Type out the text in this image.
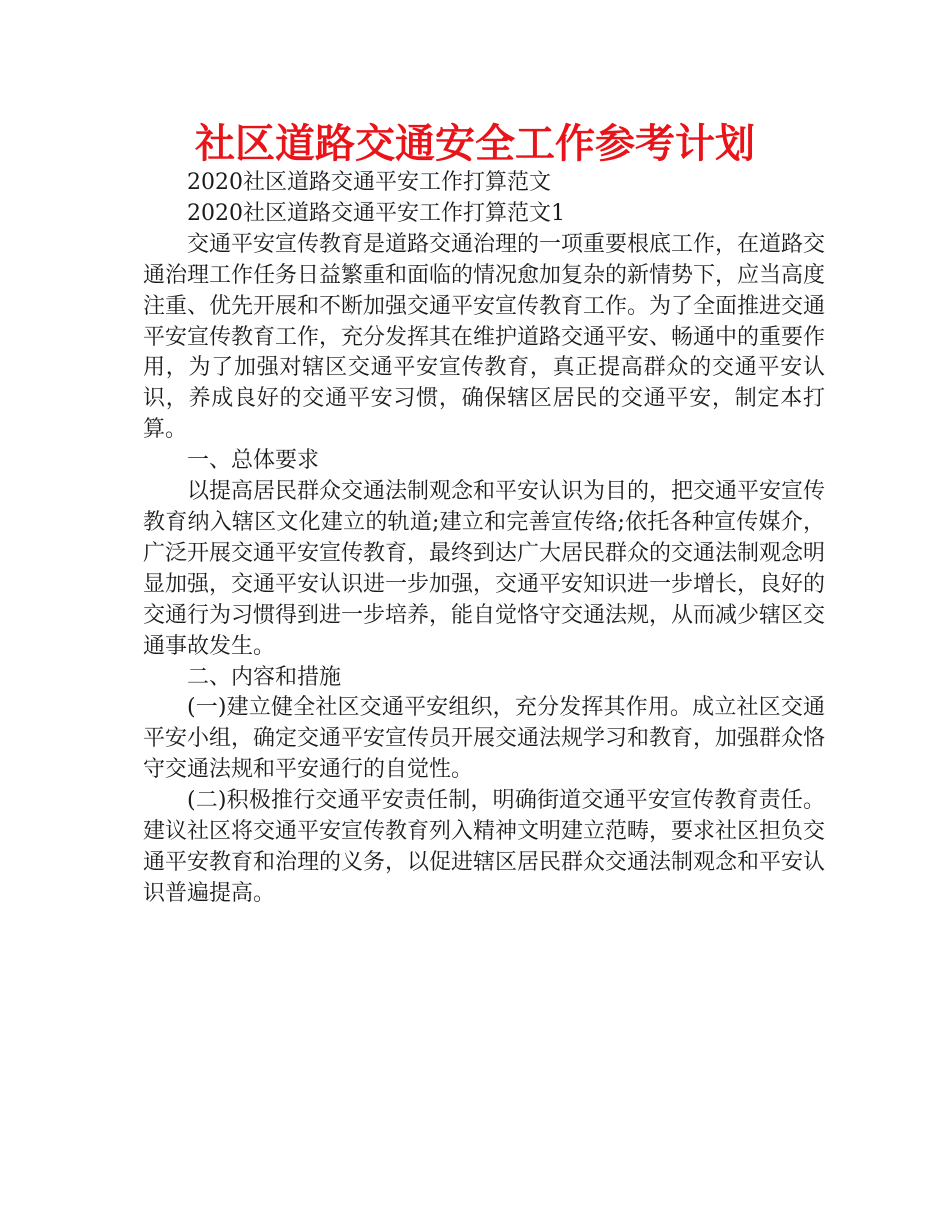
社区道路交通安全工作参考计划

2020社区道路交通平安工作打算范文

2020社区道路交通平安工作打算范文1

交通平安宣传教育是道路交通治理的一项重要根底工作，在道路交通治理工作任务日益繁重和面临的情况愈加复杂的新情势下，应当高度注重、优先开展和不断加强交通平安宣传教育工作。为了全面推进交通平安宣传教育工作，充分发挥其在维护道路交通平安、畅通中的重要作用，为了加强对辖区交通平安宣传教育，真正提高群众的交通平安认识，养成良好的交通平安习惯，确保辖区居民的交通平安，制定本打算。

一、总体要求

以提高居民群众交通法制观念和平安认识为目的，把交通平安宣传教育纳入辖区文化建立的轨道;建立和完善宣传络;依托各种宣传媒介，广泛开展交通平安宣传教育，最终到达广大居民群众的交通法制观念明显加强，交通平安认识进一步加强，交通平安知识进一步增长，良好的交通行为习惯得到进一步培养，能自觉恪守交通法规，从而减少辖区交通事故发生。

二、内容和措施

(一)建立健全社区交通平安组织，充分发挥其作用。成立社区交通平安小组，确定交通平安宣传员开展交通法规学习和教育，加强群众恪守交通法规和平安通行的自觉性。

(二)积极推行交通平安责任制，明确街道交通平安宣传教育责任。建议社区将交通平安宣传教育列入精神文明建立范畴，要求社区担负交通平安教育和治理的义务，以促进辖区居民群众交通法制观念和平安认识普遍提高。
